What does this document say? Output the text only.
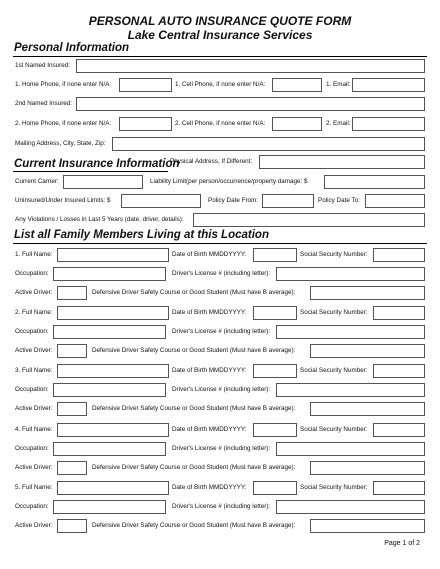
PERSONAL AUTO INSURANCE QUOTE FORM
Lake Central Insurance Services
Personal Information
1st Named Insured:
1. Home Phone, if none enter N/A:	1. Cell Phone, if none enter N/A:	1. Email:
2nd Named Insured:
2. Home Phone, if none enter N/A:	2. Cell Phone, if none enter N/A:	2. Email:
Mailing Address, City, State, Zip:
Current Insurance Information
Physical Address, If Different:
Current Carrier:	Liability Limit(per person/occurrence/property damage: $
Uninsured/Under Insured Limits: $	Policy Date From:	Policy Date To:
Any Violations / Losses in Last 5 Years (date, driver, details):
List all Family Members Living at this Location
1. Full Name:	Date of Birth MMDDYYYY:	Social Security Number:
Occupation:	Driver's License # (including letter):
Active Driver:	Defensive Driver Safety Course or Good Student (Must have B average):
2. Full Name:	Date of Birth MMDDYYYY:	Social Security Number:
Occupation:	Driver's License # (including letter):
Active Driver:	Defensive Driver Safety Course or Good Student (Must have B average):
3. Full Name:	Date of Birth MMDDYYYY:	Social Security Number:
Occupation:	Driver's License # (including letter):
Active Driver:	Defensive Driver Safety Course or Good Student (Must have B average):
4. Full Name:	Date of Birth MMDDYYYY:	Social Security Number:
Occupation:	Driver's License # (including letter):
Active Driver:	Defensive Driver Safety Course or Good Student (Must have B average):
5. Full Name:	Date of Birth MMDDYYYY:	Social Security Number:
Occupation:	Driver's License # (including letter):
Active Driver:	Defensive Driver Safety Course or Good Student (Must have B average):
Page 1 of 2
